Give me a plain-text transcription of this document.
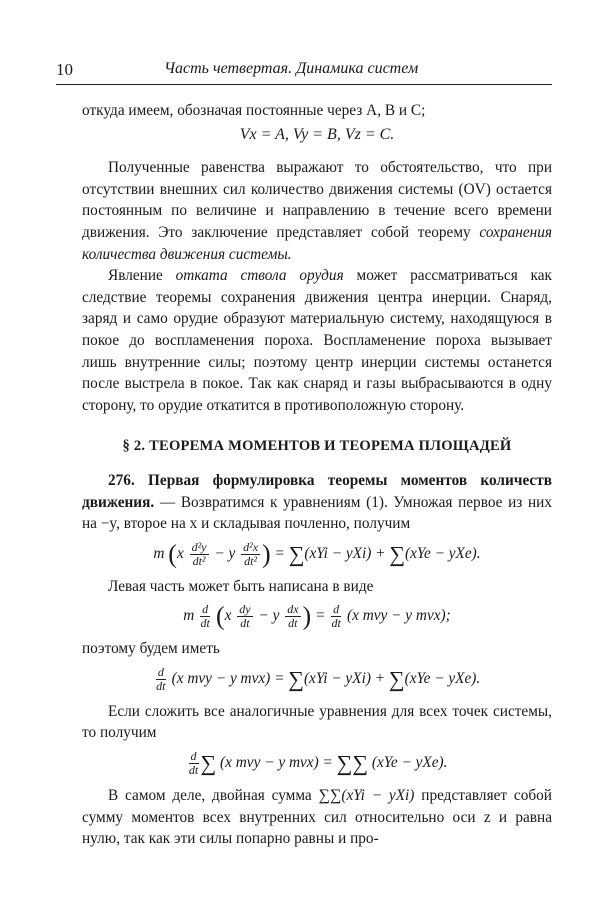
10	Часть четвертая. Динамика систем

откуда имеем, обозначая постоянные через A, B и C;

Vx = A, Vy = B, Vz = C.

Полученные равенства выражают то обстоятельство, что при отсутствии внешних сил количество движения системы (OV) остается постоянным по величине и направлению в течение всего времени движения. Это заключение представляет собой теорему сохранения количества движения системы.

Явление отката ствола орудия может рассматриваться как следствие теоремы сохранения движения центра инерции. Снаряд, заряд и само орудие образуют материальную систему, находящуюся в покое до воспламенения пороха. Воспламенение пороха вызывает лишь внутренние силы; поэтому центр инерции системы останется после выстрела в покое. Так как снаряд и газы выбрасываются в одну сторону, то орудие откатится в противоположную сторону.

§ 2. ТЕОРЕМА МОМЕНТОВ И ТЕОРЕМА ПЛОЩАДЕЙ

276. Первая формулировка теоремы моментов количеств движения. — Возвратимся к уравнениям (1). Умножая первое из них на −y, второе на x и складывая почленно, получим

m ($x \frac{\text{d²y}}{\text{dt²}} - y \frac{\text{d²x}}{\text{dt²}}$ ) = ∑(xYi − yXi) + ∑(xYe − yXe).

Левая часть может быть написана в виде

m $\frac{d}{dt} (x \frac{dy}{dt} - y \frac{dx}{dt}$ ) = $\frac{d}{dt} (x$ mvy − y mvx);

поэтому будем иметь

$\frac{d}{dt} (x$ mvy − y mvx) = ∑(xYi − yXi) + ∑(xYe − yXe).

Если сложить все аналогичные уравнения для всех точек системы, то получим

$\frac{d}{dt}$ ∑ (x mvy − y mvx) = ∑∑ (xYe − yXe).

В самом деле, двойная сумма ∑∑(xYi − yXi) представляет собой сумму моментов всех внутренних сил относительно оси z и равна нулю, так как эти силы попарно равны и про-
